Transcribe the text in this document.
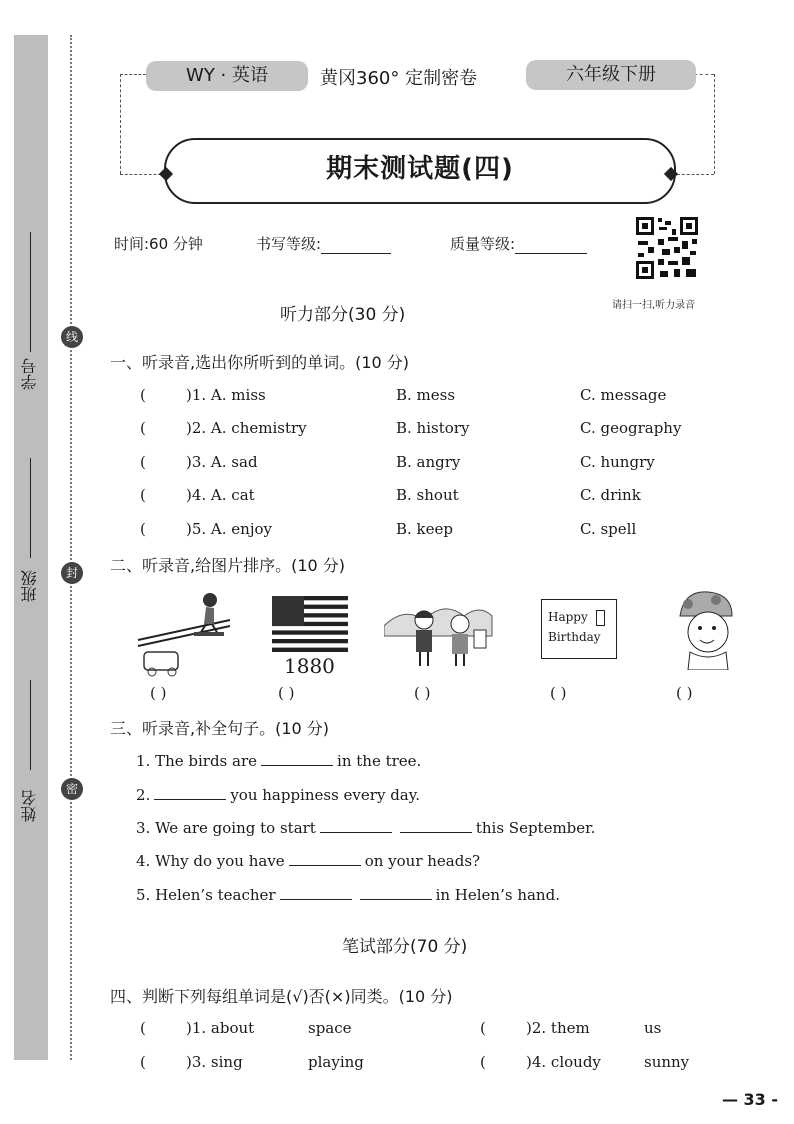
学号
班级
姓名
线
封
密
WY · 英语	黄冈360° 定制密卷	六年级下册
期末测试题(四)
时间:60 分钟	书写等级:	质量等级:
请扫一扫,听力录音
听力部分(30 分)
一、听录音,选出你所听到的单词。(10 分)
(	)1. A. miss	B. mess	C. message
(	)2. A. chemistry	B. history	C. geography
(	)3. A. sad	B. angry	C. hungry
(	)4. A. cat	B. shout	C. drink
(	)5. A. enjoy	B. keep	C. spell
二、听录音,给图片排序。(10 分)
1880
Happy
Birthday
( )	( )	( )	( )	( )
三、听录音,补全句子。(10 分)
1. The birds are	in the tree.
2.	you happiness every day.
3. We are going to start	this September.
4. Why do you have	on your heads?
5. Helen’s teacher	in Helen’s hand.
笔试部分(70 分)
四、判断下列每组单词是(√)否(×)同类。(10 分)
(	)1. about	space	(	)2. them	us
(	)3. sing	playing	(	)4. cloudy	sunny
— 33 -
